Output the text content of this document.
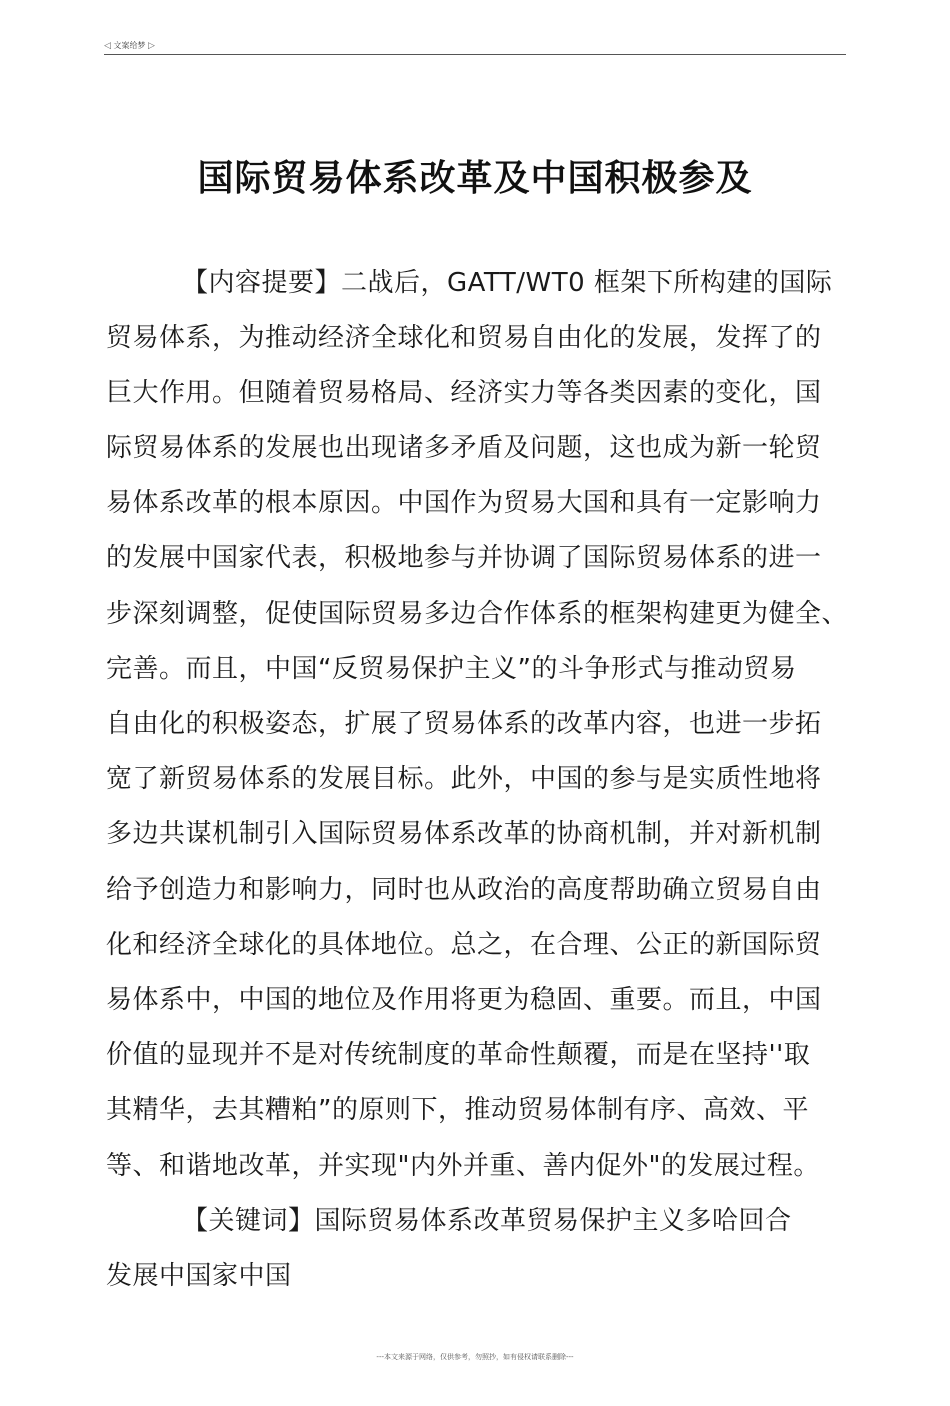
◁ 文案给梦 ▷
国际贸易体系改革及中国积极参及
【内容提要】二战后，GATT/WT0 框架下所构建的国际
贸易体系，为推动经济全球化和贸易自由化的发展，发挥了的
巨大作用。但随着贸易格局、经济实力等各类因素的变化，国
际贸易体系的发展也出现诸多矛盾及问题，这也成为新一轮贸
易体系改革的根本原因。中国作为贸易大国和具有一定影响力
的发展中国家代表，积极地参与并协调了国际贸易体系的进一
步深刻调整，促使国际贸易多边合作体系的框架构建更为健全、
完善。而且，中国“反贸易保护主义”的斗争形式与推动贸易
自由化的积极姿态，扩展了贸易体系的改革内容，也进一步拓
宽了新贸易体系的发展目标。此外，中国的参与是实质性地将
多边共谋机制引入国际贸易体系改革的协商机制，并对新机制
给予创造力和影响力，同时也从政治的高度帮助确立贸易自由
化和经济全球化的具体地位。总之，在合理、公正的新国际贸
易体系中，中国的地位及作用将更为稳固、重要。而且，中国
价值的显现并不是对传统制度的革命性颠覆，而是在坚持''取
其精华，去其糟粕”的原则下，推动贸易体制有序、高效、平
等、和谐地改革，并实现"内外并重、善内促外"的发展过程。
【关键词】国际贸易体系改革贸易保护主义多哈回合
发展中国家中国
---本文来源于网络，仅供参考，勿照抄，如有侵权请联系删除---
